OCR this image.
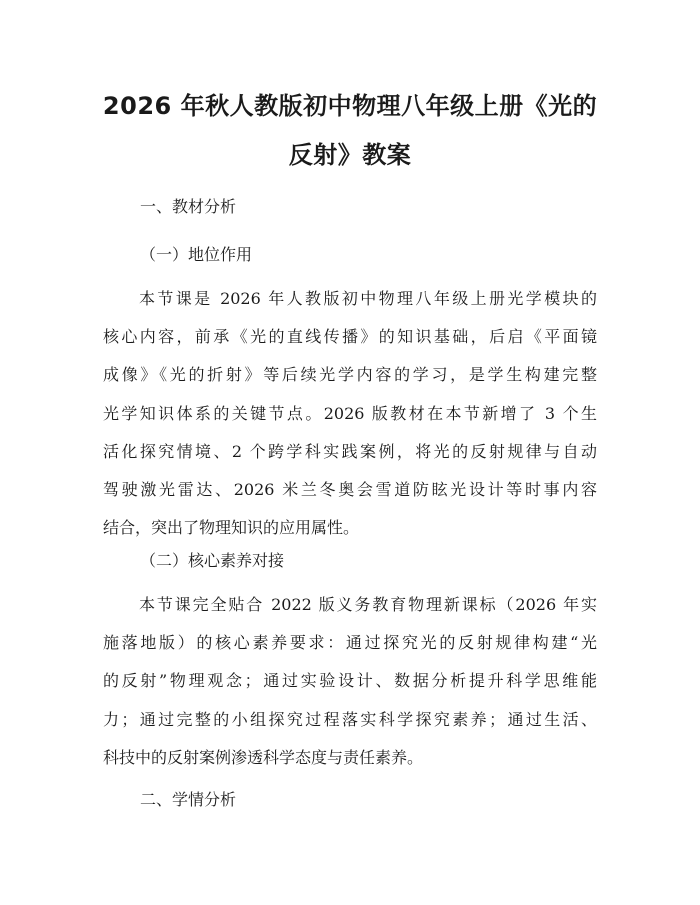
2026 年秋人教版初中物理八年级上册《光的
反射》教案
一、教材分析
（一）地位作用
本节课是 2026 年人教版初中物理八年级上册光学模块的
核心内容，前承《光的直线传播》的知识基础，后启《平面镜
成像》《光的折射》等后续光学内容的学习，是学生构建完整
光学知识体系的关键节点。2026 版教材在本节新增了 3 个生
活化探究情境、2 个跨学科实践案例，将光的反射规律与自动
驾驶激光雷达、2026 米兰冬奥会雪道防眩光设计等时事内容
结合，突出了物理知识的应用属性。
（二）核心素养对接
本节课完全贴合 2022 版义务教育物理新课标（2026 年实
施落地版）的核心素养要求：通过探究光的反射规律构建“光
的反射”物理观念；通过实验设计、数据分析提升科学思维能
力；通过完整的小组探究过程落实科学探究素养；通过生活、
科技中的反射案例渗透科学态度与责任素养。
二、学情分析
